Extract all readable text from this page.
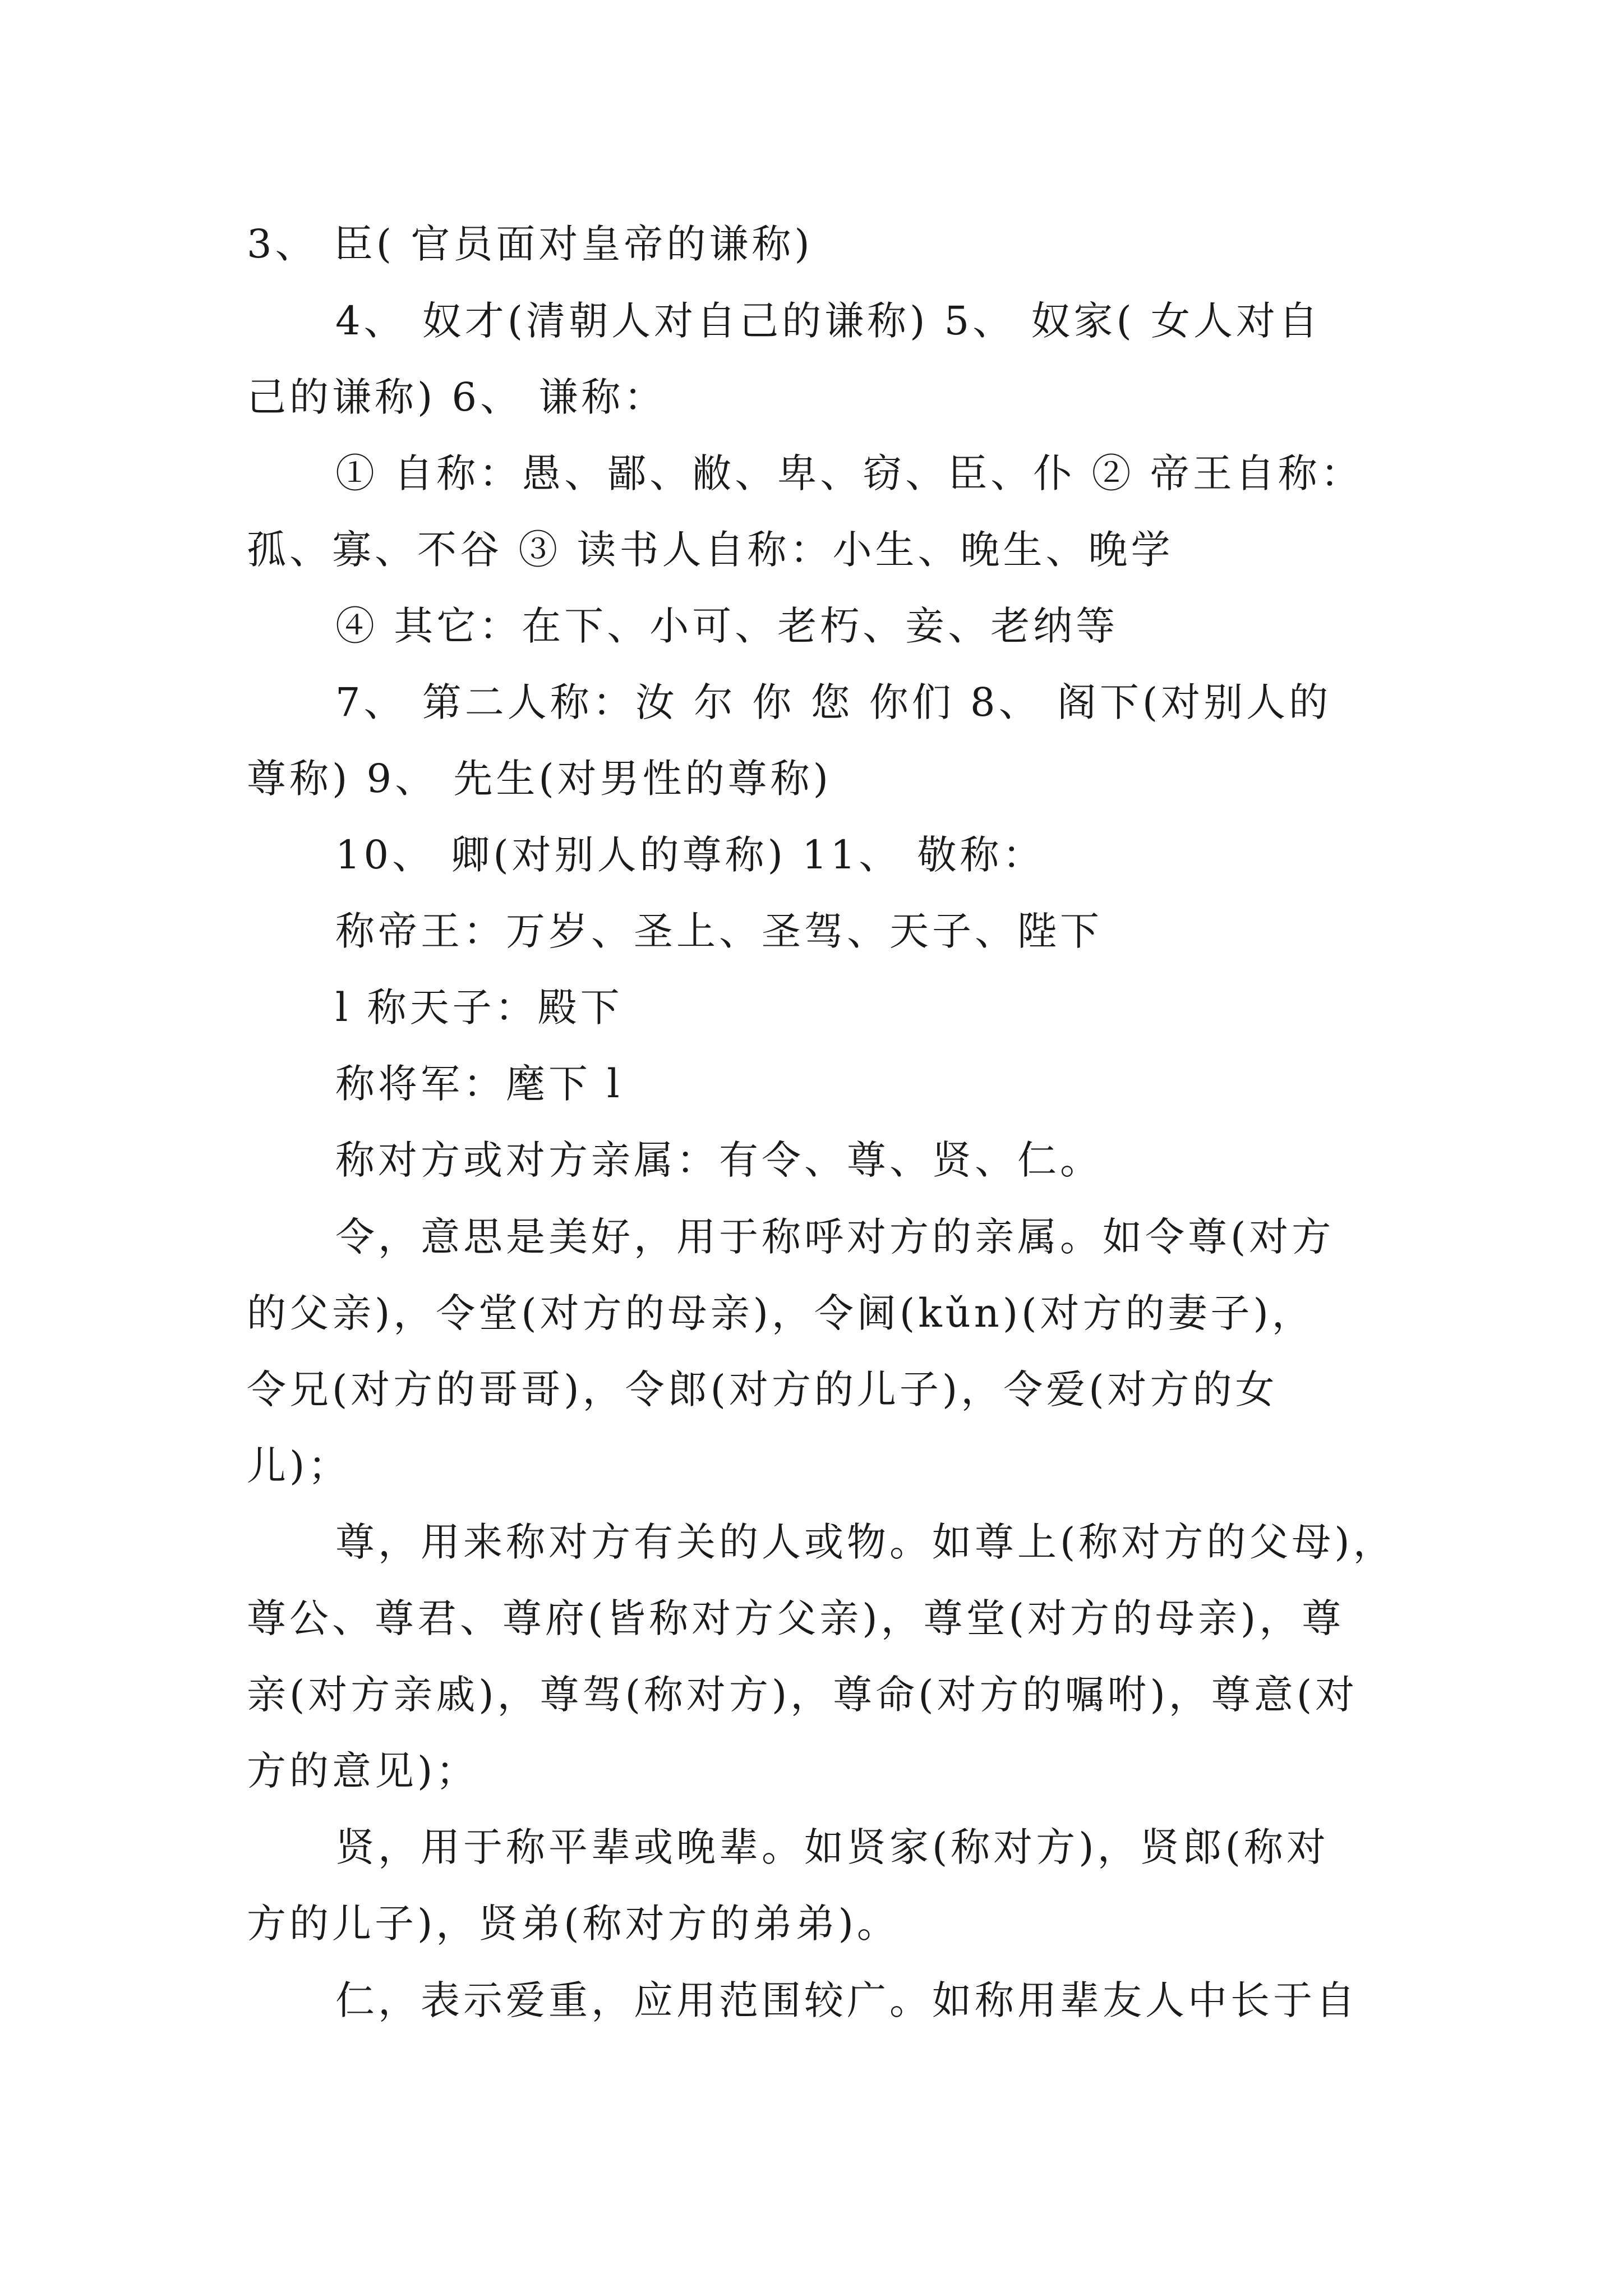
3、 臣( 官员面对皇帝的谦称)
4、 奴才(清朝人对自己的谦称) 5、 奴家( 女人对自
己的谦称) 6、 谦称：
① 自称：愚、鄙、敝、卑、窃、臣、仆 ② 帝王自称：
孤、寡、不谷 ③ 读书人自称：小生、晚生、晚学
④ 其它：在下、小可、老朽、妾、老纳等
7、 第二人称：汝 尔 你 您 你们 8、 阁下(对别人的
尊称) 9、 先生(对男性的尊称)
10、 卿(对别人的尊称) 11、 敬称：
称帝王：万岁、圣上、圣驾、天子、陛下
l 称天子：殿下
称将军：麾下 l
称对方或对方亲属：有令、尊、贤、仁。
令，意思是美好，用于称呼对方的亲属。如令尊(对方
的父亲)，令堂(对方的母亲)，令阃(kǔn)(对方的妻子)，
令兄(对方的哥哥)，令郎(对方的儿子)，令爱(对方的女
儿)；
尊，用来称对方有关的人或物。如尊上(称对方的父母)，
尊公、尊君、尊府(皆称对方父亲)，尊堂(对方的母亲)，尊
亲(对方亲戚)，尊驾(称对方)，尊命(对方的嘱咐)，尊意(对
方的意见)；
贤，用于称平辈或晚辈。如贤家(称对方)，贤郎(称对
方的儿子)，贤弟(称对方的弟弟)。
仁，表示爱重，应用范围较广。如称用辈友人中长于自
